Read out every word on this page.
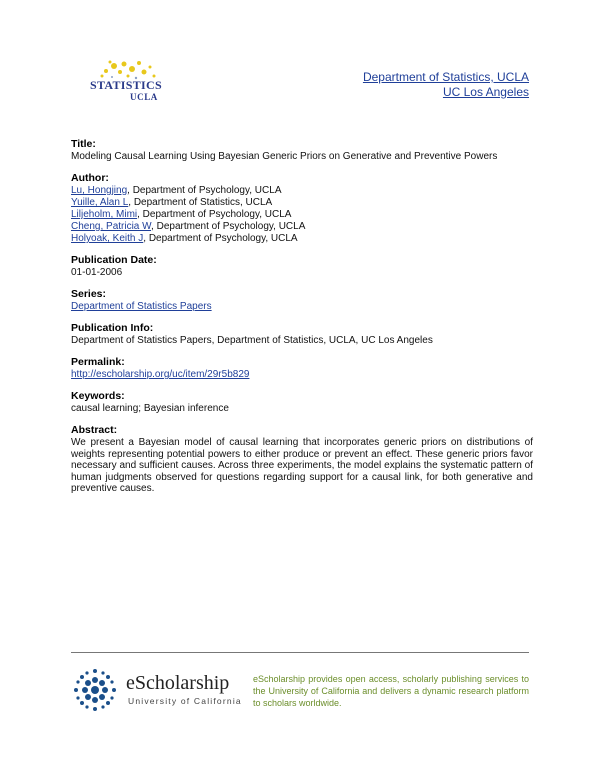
STATISTICS
UCLA
Department of Statistics, UCLA
UC Los Angeles
Title:
Modeling Causal Learning Using Bayesian Generic Priors on Generative and Preventive Powers
Author:
Lu, Hongjing, Department of Psychology, UCLA
Yuille, Alan L, Department of Statistics, UCLA
Liljeholm, Mimi, Department of Psychology, UCLA
Cheng, Patricia W, Department of Psychology, UCLA
Holyoak, Keith J, Department of Psychology, UCLA
Publication Date:
01-01-2006
Series:
Department of Statistics Papers
Publication Info:
Department of Statistics Papers, Department of Statistics, UCLA, UC Los Angeles
Permalink:
http://escholarship.org/uc/item/29r5b829
Keywords:
causal learning; Bayesian inference
Abstract:
We present a Bayesian model of causal learning that incorporates generic priors on distributions of weights representing potential powers to either produce or prevent an effect. These generic priors favor necessary and sufficient causes. Across three experiments, the model explains the systematic pattern of human judgments observed for questions regarding support for a causal link, for both generative and preventive causes.
eScholarship
University of California
eScholarship provides open access, scholarly publishing services to the University of California and delivers a dynamic research platform to scholars worldwide.
